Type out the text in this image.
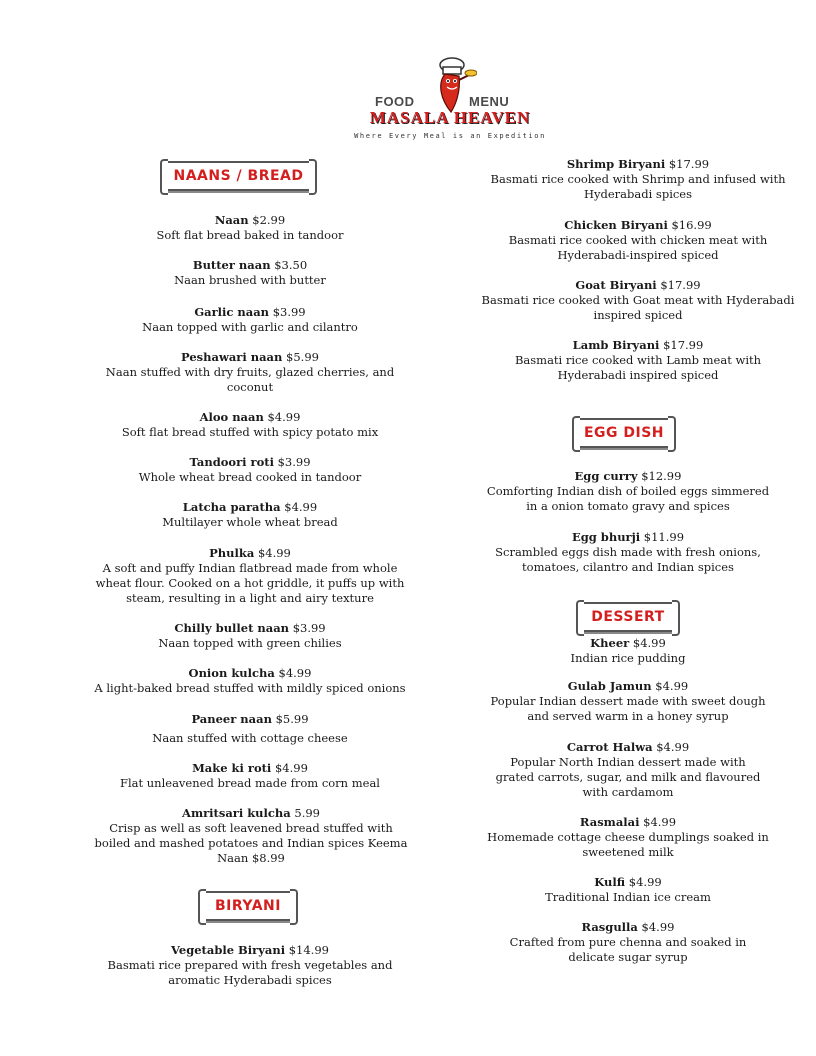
FOOD	MENU
MASALA HEAVEN
Where Every Meal is an Expedition
NAANS / BREAD
BIRYANI
EGG DISH
DESSERT
Naan $2.99
Soft flat bread baked in tandoor
Butter naan $3.50
Naan brushed with butter
Garlic naan $3.99
Naan topped with garlic and cilantro
Peshawari naan $5.99
Naan stuffed with dry fruits, glazed cherries, and coconut
Aloo naan $4.99
Soft flat bread stuffed with spicy potato mix
Tandoori roti $3.99
Whole wheat bread cooked in tandoor
Latcha paratha $4.99
Multilayer whole wheat bread
Phulka $4.99
A soft and puffy Indian flatbread made from whole wheat flour. Cooked on a hot griddle, it puffs up with steam, resulting in a light and airy texture
Chilly bullet naan $3.99
Naan topped with green chilies
Onion kulcha $4.99
A light-baked bread stuffed with mildly spiced onions
Paneer naan $5.99
Naan stuffed with cottage cheese
Make ki roti $4.99
Flat unleavened bread made from corn meal
Amritsari kulcha 5.99
Crisp as well as soft leavened bread stuffed with boiled and mashed potatoes and Indian spices Keema Naan $8.99
Vegetable Biryani $14.99
Basmati rice prepared with fresh vegetables and aromatic Hyderabadi spices
Shrimp Biryani $17.99
Basmati rice cooked with Shrimp and infused with Hyderabadi spices
Chicken Biryani $16.99
Basmati rice cooked with chicken meat with Hyderabadi-inspired spiced
Goat Biryani $17.99
Basmati rice cooked with Goat meat with Hyderabadi inspired spiced
Lamb Biryani $17.99
Basmati rice cooked with Lamb meat with Hyderabadi inspired spiced
Egg curry $12.99
Comforting Indian dish of boiled eggs simmered in a onion tomato gravy and spices
Egg bhurji $11.99
Scrambled eggs dish made with fresh onions, tomatoes, cilantro and Indian spices
Kheer $4.99
Indian rice pudding
Gulab Jamun $4.99
Popular Indian dessert made with sweet dough and served warm in a honey syrup
Carrot Halwa $4.99
Popular North Indian dessert made with grated carrots, sugar, and milk and flavoured with cardamom
Rasmalai $4.99
Homemade cottage cheese dumplings soaked in sweetened milk
Kulfi $4.99
Traditional Indian ice cream
Rasgulla $4.99
Crafted from pure chenna and soaked in delicate sugar syrup
